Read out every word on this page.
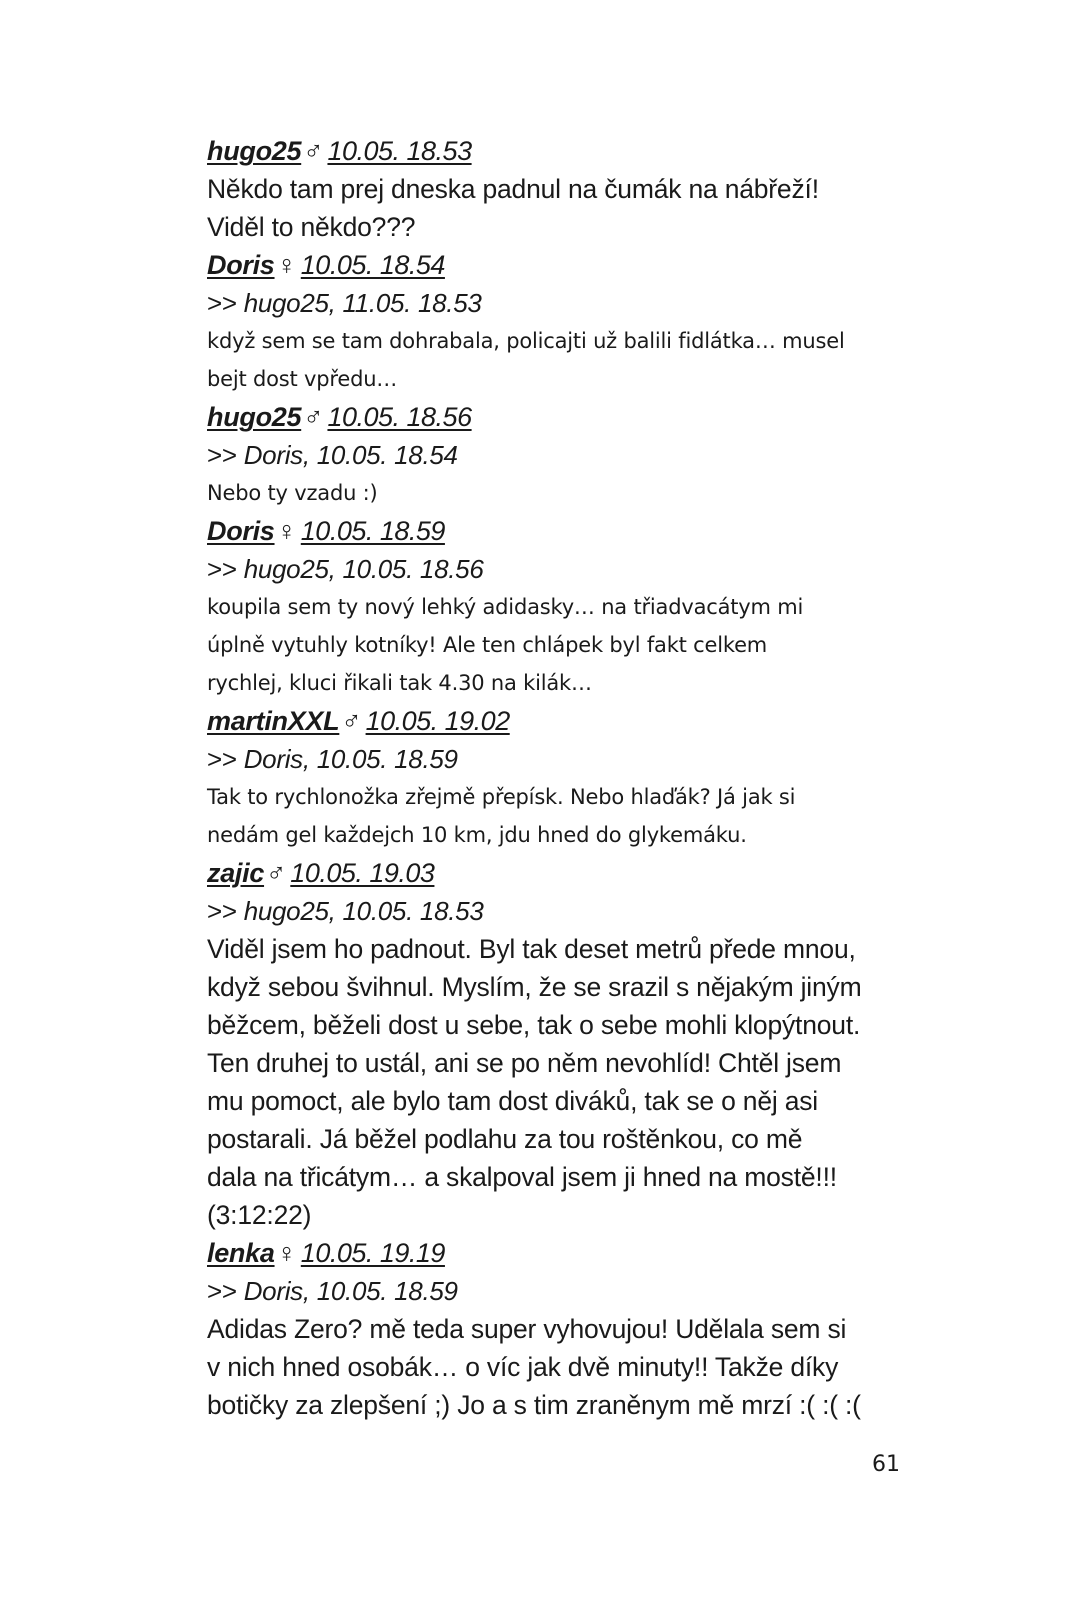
hugo25♂ 10.05. 18.53
Někdo tam prej dneska padnul na čumák na nábřeží!
Viděl to někdo???
Doris♀ 10.05. 18.54
>> hugo25, 11.05. 18.53
když sem se tam dohrabala, policajti už balili fidlátka… musel
bejt dost vpředu…
hugo25♂ 10.05. 18.56
>> Doris, 10.05. 18.54
Nebo ty vzadu :)
Doris♀ 10.05. 18.59
>> hugo25, 10.05. 18.56
koupila sem ty nový lehký adidasky… na třiadvacátym mi
úplně vytuhly kotníky! Ale ten chlápek byl fakt celkem
rychlej, kluci řikali tak 4.30 na kilák…
martinXXL♂ 10.05. 19.02
>> Doris, 10.05. 18.59
Tak to rychlonožka zřejmě přepísk. Nebo hlaďák? Já jak si
nedám gel každejch 10 km, jdu hned do glykemáku.
zajic♂ 10.05. 19.03
>> hugo25, 10.05. 18.53
Viděl jsem ho padnout. Byl tak deset metrů přede mnou,
když sebou švihnul. Myslím, že se srazil s nějakým jiným
běžcem, běželi dost u sebe, tak o sebe mohli klopýtnout.
Ten druhej to ustál, ani se po něm nevohlíd! Chtěl jsem
mu pomoct, ale bylo tam dost diváků, tak se o něj asi
postarali. Já běžel podlahu za tou roštěnkou, co mě
dala na třicátym… a skalpoval jsem ji hned na mostě!!!
(3:12:22)
lenka♀ 10.05. 19.19
>> Doris, 10.05. 18.59
Adidas Zero? mě teda super vyhovujou! Udělala sem si
v nich hned osobák… o víc jak dvě minuty!! Takže díky
botičky za zlepšení ;) Jo a s tim zraněnym mě mrzí :( :( :(
61
